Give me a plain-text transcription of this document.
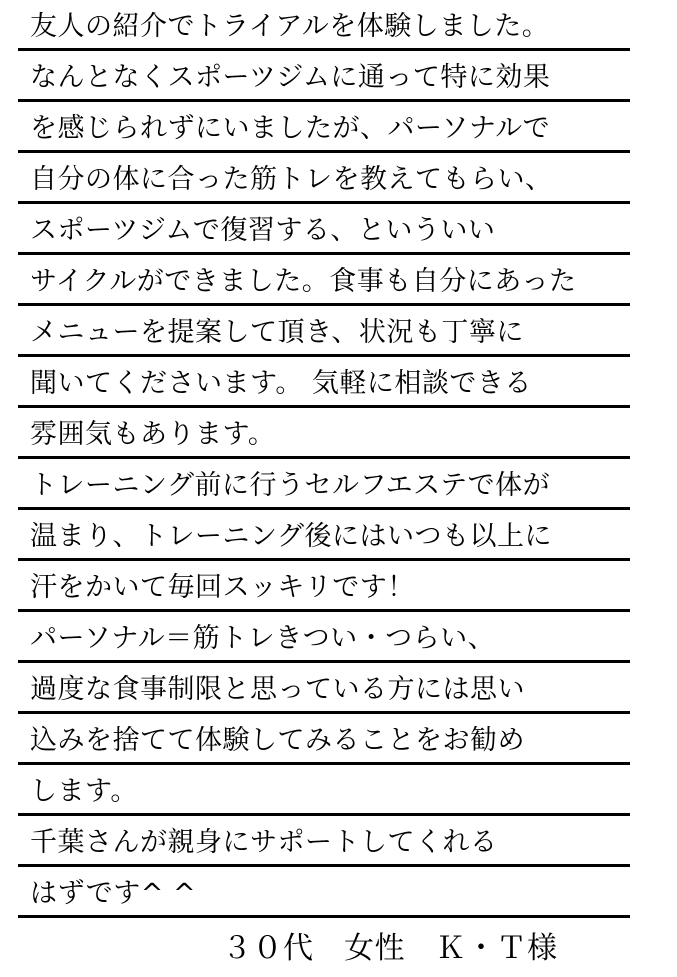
友人の紹介でトライアルを体験しました。
なんとなくスポーツジムに通って特に効果
を感じられずにいましたが、パーソナルで
自分の体に合った筋トレを教えてもらい、
スポーツジムで復習する、といういい
サイクルができました。食事も自分にあった
メニューを提案して頂き、状況も丁寧に
聞いてくださいます。 気軽に相談できる
雰囲気もあります。
トレーニング前に行うセルフエステで体が
温まり、トレーニング後にはいつも以上に
汗をかいて毎回スッキリです！
パーソナル＝筋トレきつい・つらい、
過度な食事制限と思っている方には思い
込みを捨てて体験してみることをお勧め
します。
千葉さんが親身にサポートしてくれる
はずです^ ^
３０代　女性　Ｋ・Ｔ様
